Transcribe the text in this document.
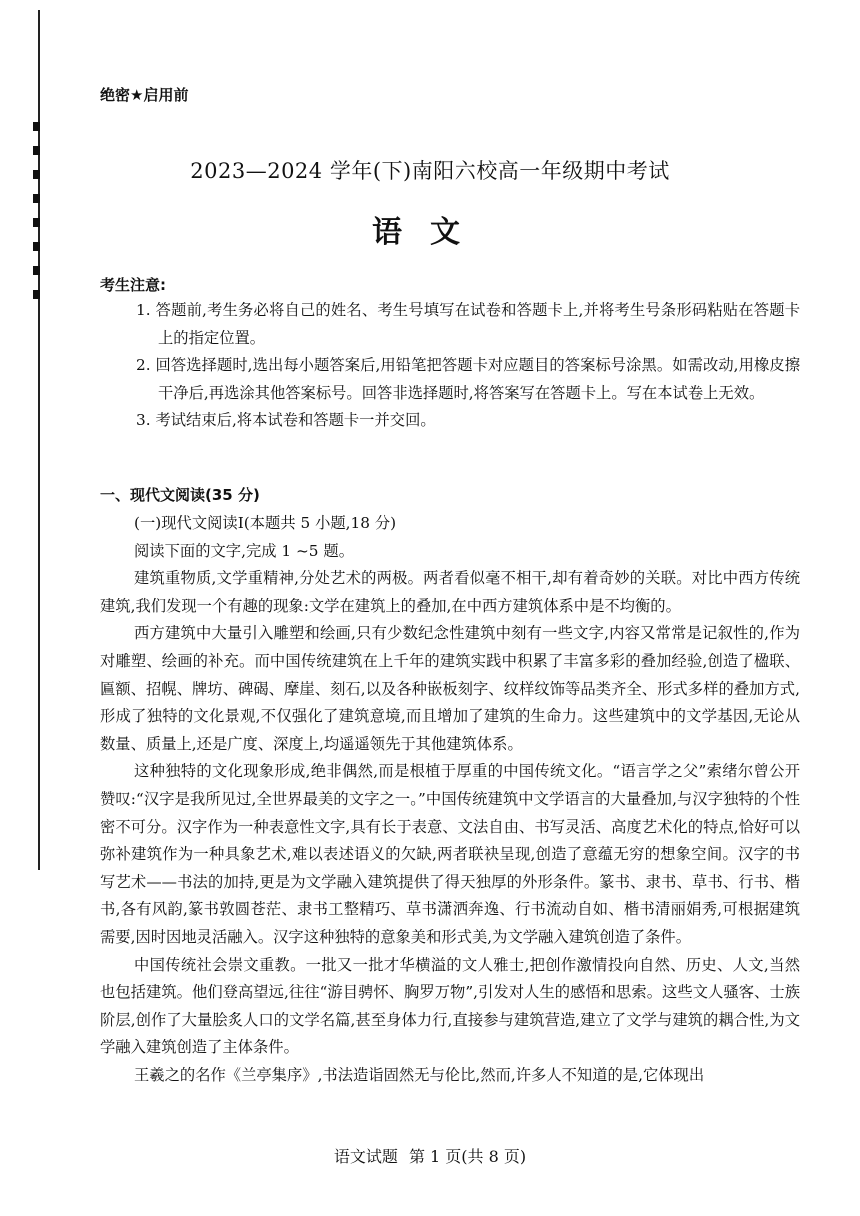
绝密★启用前
2023—2024 学年(下)南阳六校高一年级期中考试
语文
考生注意:

1. 答题前,考生务必将自己的姓名、考生号填写在试卷和答题卡上,并将考生号条形码粘贴在答题卡上的指定位置。

2. 回答选择题时,选出每小题答案后,用铅笔把答题卡对应题目的答案标号涂黑。如需改动,用橡皮擦干净后,再选涂其他答案标号。回答非选择题时,将答案写在答题卡上。写在本试卷上无效。

3. 考试结束后,将本试卷和答题卡一并交回。

一、现代文阅读(35 分)

(一)现代文阅读Ⅰ(本题共 5 小题,18 分)

阅读下面的文字,完成 1 ~5 题。

建筑重物质,文学重精神,分处艺术的两极。两者看似毫不相干,却有着奇妙的关联。对比中西方传统建筑,我们发现一个有趣的现象:文学在建筑上的叠加,在中西方建筑体系中是不均衡的。

西方建筑中大量引入雕塑和绘画,只有少数纪念性建筑中刻有一些文字,内容又常常是记叙性的,作为对雕塑、绘画的补充。而中国传统建筑在上千年的建筑实践中积累了丰富多彩的叠加经验,创造了楹联、匾额、招幌、牌坊、碑碣、摩崖、刻石,以及各种嵌板刻字、纹样纹饰等品类齐全、形式多样的叠加方式,形成了独特的文化景观,不仅强化了建筑意境,而且增加了建筑的生命力。这些建筑中的文学基因,无论从数量、质量上,还是广度、深度上,均遥遥领先于其他建筑体系。

这种独特的文化现象形成,绝非偶然,而是根植于厚重的中国传统文化。“语言学之父”索绪尔曾公开赞叹:“汉字是我所见过,全世界最美的文字之一。”中国传统建筑中文学语言的大量叠加,与汉字独特的个性密不可分。汉字作为一种表意性文字,具有长于表意、文法自由、书写灵活、高度艺术化的特点,恰好可以弥补建筑作为一种具象艺术,难以表述语义的欠缺,两者联袂呈现,创造了意蕴无穷的想象空间。汉字的书写艺术——书法的加持,更是为文学融入建筑提供了得天独厚的外形条件。篆书、隶书、草书、行书、楷书,各有风韵,篆书敦圆苍茫、隶书工整精巧、草书潇洒奔逸、行书流动自如、楷书清丽娟秀,可根据建筑需要,因时因地灵活融入。汉字这种独特的意象美和形式美,为文学融入建筑创造了条件。

中国传统社会崇文重教。一批又一批才华横溢的文人雅士,把创作激情投向自然、历史、人文,当然也包括建筑。他们登高望远,往往“游目骋怀、胸罗万物”,引发对人生的感悟和思索。这些文人骚客、士族阶层,创作了大量脍炙人口的文学名篇,甚至身体力行,直接参与建筑营造,建立了文学与建筑的耦合性,为文学融入建筑创造了主体条件。

王羲之的名作《兰亭集序》,书法造诣固然无与伦比,然而,许多人不知道的是,它体现出

语文试题 第 1 页(共 8 页)
